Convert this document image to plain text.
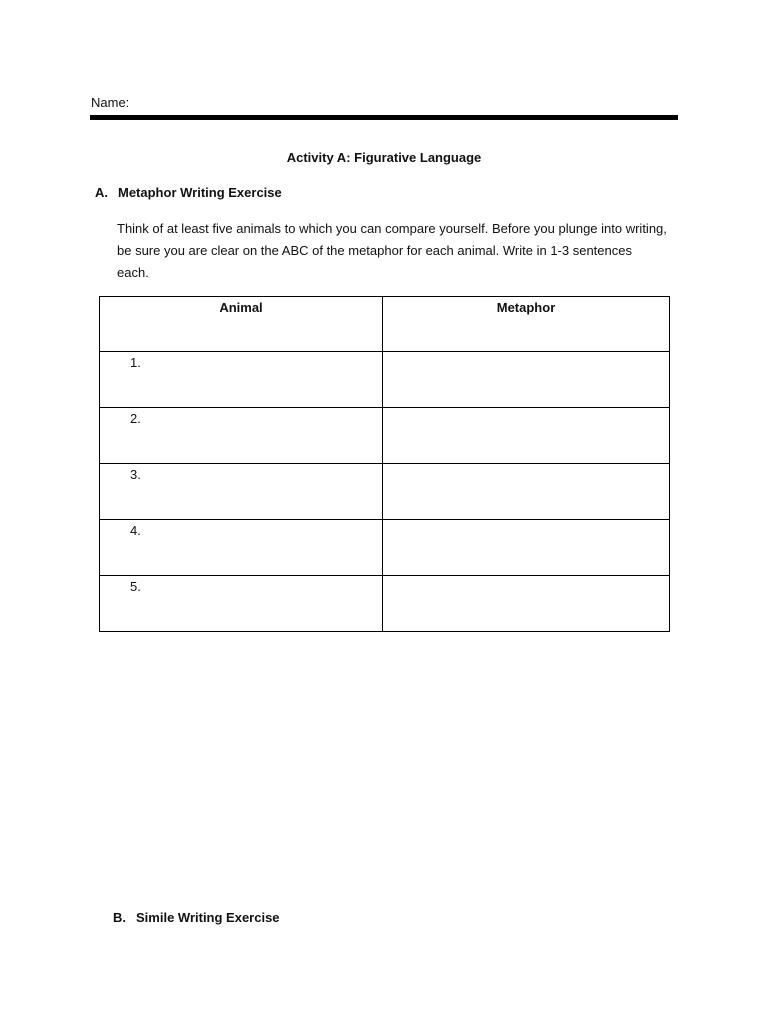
Name:
Activity A: Figurative Language
A. Metaphor Writing Exercise
Think of at least five animals to which you can compare yourself. Before you plunge into writing, be sure you are clear on the ABC of the metaphor for each animal. Write in 1-3 sentences each.
Animal	Metaphor

1.	

2.	

3.	

4.	

5.	

B. Simile Writing Exercise
